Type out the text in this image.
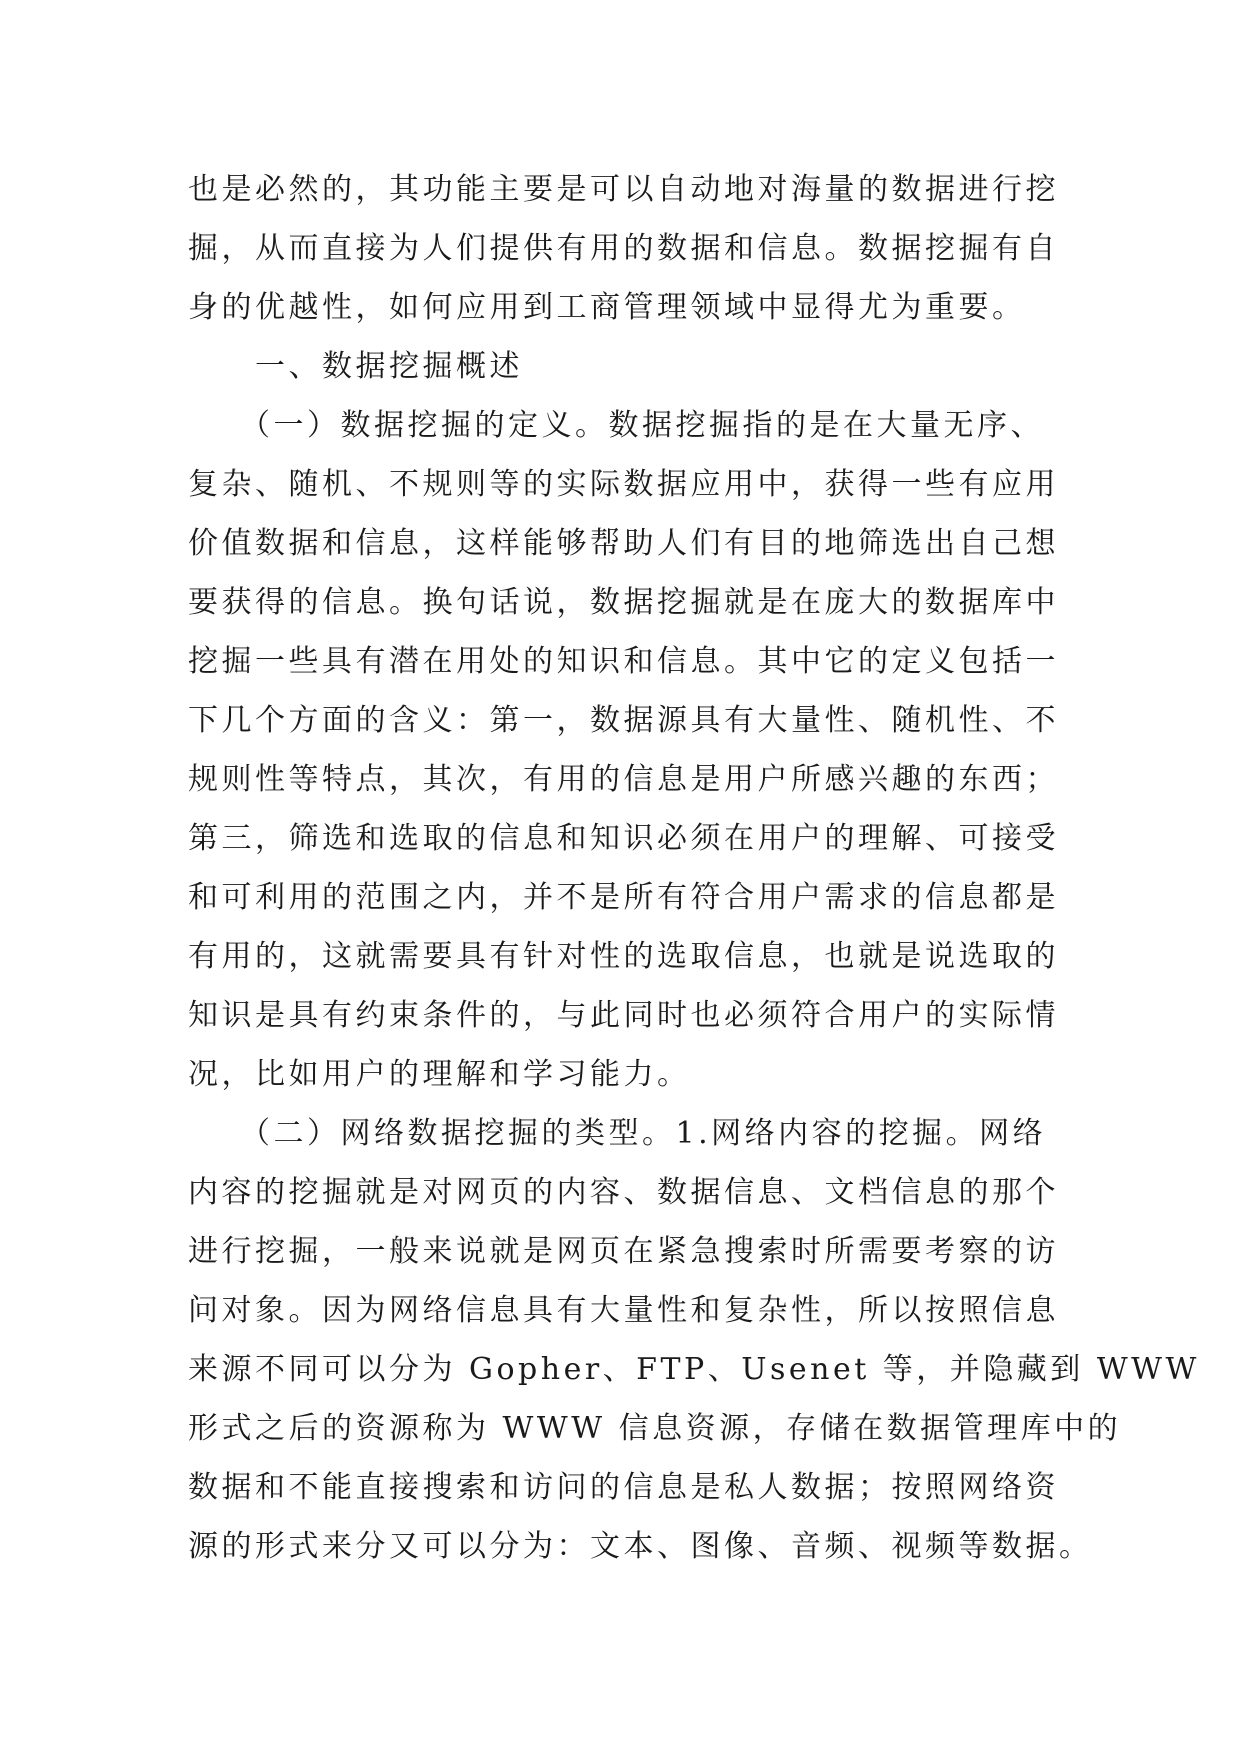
也是必然的，其功能主要是可以自动地对海量的数据进行挖
掘，从而直接为人们提供有用的数据和信息。数据挖掘有自
身的优越性，如何应用到工商管理领域中显得尤为重要。
　　一、数据挖掘概述
　　（一）数据挖掘的定义。数据挖掘指的是在大量无序、
复杂、随机、不规则等的实际数据应用中，获得一些有应用
价值数据和信息，这样能够帮助人们有目的地筛选出自己想
要获得的信息。换句话说，数据挖掘就是在庞大的数据库中
挖掘一些具有潜在用处的知识和信息。其中它的定义包括一
下几个方面的含义：第一，数据源具有大量性、随机性、不
规则性等特点，其次，有用的信息是用户所感兴趣的东西；
第三，筛选和选取的信息和知识必须在用户的理解、可接受
和可利用的范围之内，并不是所有符合用户需求的信息都是
有用的，这就需要具有针对性的选取信息，也就是说选取的
知识是具有约束条件的，与此同时也必须符合用户的实际情
况，比如用户的理解和学习能力。
　　（二）网络数据挖掘的类型。1.网络内容的挖掘。网络
内容的挖掘就是对网页的内容、数据信息、文档信息的那个
进行挖掘，一般来说就是网页在紧急搜索时所需要考察的访
问对象。因为网络信息具有大量性和复杂性，所以按照信息
来源不同可以分为 Gopher、FTP、Usenet 等，并隐藏到 WWW
形式之后的资源称为 WWW 信息资源，存储在数据管理库中的
数据和不能直接搜索和访问的信息是私人数据；按照网络资
源的形式来分又可以分为：文本、图像、音频、视频等数据。
